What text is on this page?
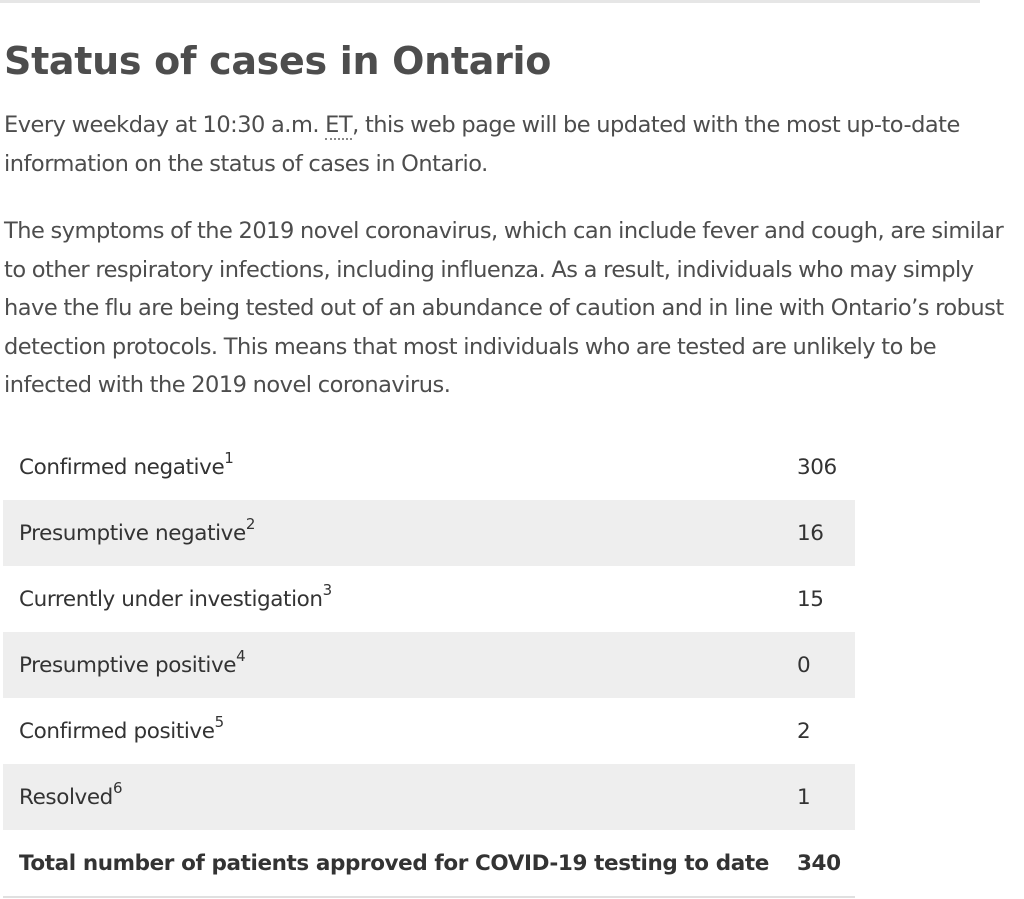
Status of cases in Ontario

Every weekday at 10:30 a.m. ET, this web page will be updated with the most up-to-date information on the status of cases in Ontario.

The symptoms of the 2019 novel coronavirus, which can include fever and cough, are similar to other respiratory infections, including influenza. As a result, individuals who may simply have the flu are being tested out of an abundance of caution and in line with Ontario’s robust detection protocols. This means that most individuals who are tested are unlikely to be infected with the 2019 novel coronavirus.

Confirmed negative$^1$	306
Presumptive negative$^2$	16
Currently under investigation$^3$	15
Presumptive positive$^4$	0
Confirmed positive$^5$	2
Resolved$^6$	1
Total number of patients approved for COVID-19 testing to date	340
